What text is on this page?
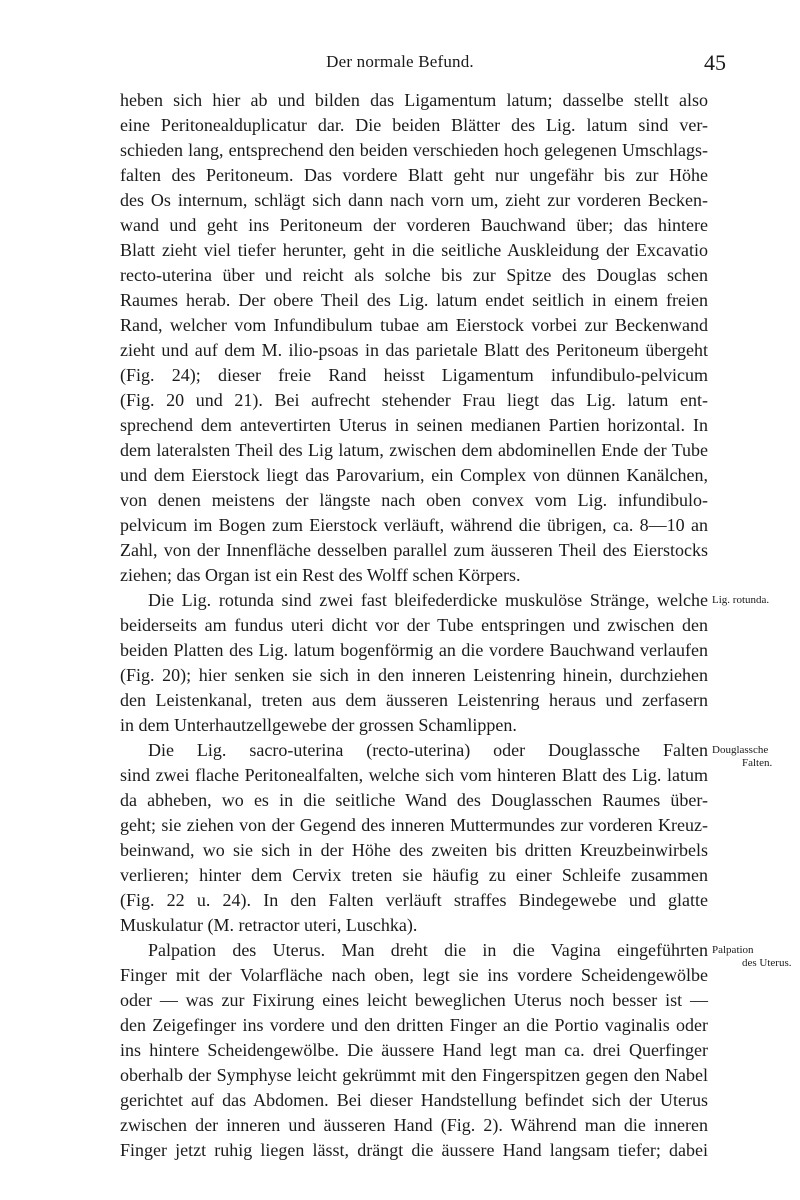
Der normale Befund.	45
heben sich hier ab und bilden das Ligamentum latum; dasselbe stellt also
eine Peritonealduplicatur dar. Die beiden Blätter des Lig. latum sind ver-
schieden lang, entsprechend den beiden verschieden hoch gelegenen Umschlags-
falten des Peritoneum. Das vordere Blatt geht nur ungefähr bis zur Höhe
des Os internum, schlägt sich dann nach vorn um, zieht zur vorderen Becken-
wand und geht ins Peritoneum der vorderen Bauchwand über; das hintere
Blatt zieht viel tiefer herunter, geht in die seitliche Auskleidung der Excavatio
recto-uterina über und reicht als solche bis zur Spitze des Douglas schen
Raumes herab. Der obere Theil des Lig. latum endet seitlich in einem freien
Rand, welcher vom Infundibulum tubae am Eierstock vorbei zur Beckenwand
zieht und auf dem M. ilio-psoas in das parietale Blatt des Peritoneum übergeht
(Fig. 24); dieser freie Rand heisst Ligamentum infundibulo-pelvicum
(Fig. 20 und 21). Bei aufrecht stehender Frau liegt das Lig. latum ent-
sprechend dem antevertirten Uterus in seinen medianen Partien horizontal. In
dem lateralsten Theil des Lig latum, zwischen dem abdominellen Ende der Tube
und dem Eierstock liegt das Parovarium, ein Complex von dünnen Kanälchen,
von denen meistens der längste nach oben convex vom Lig. infundibulo-
pelvicum im Bogen zum Eierstock verläuft, während die übrigen, ca. 8—10 an
Zahl, von der Innenfläche desselben parallel zum äusseren Theil des Eierstocks
ziehen; das Organ ist ein Rest des Wolff schen Körpers.
Die Lig. rotunda sind zwei fast bleifederdicke muskulöse Stränge, welche
beiderseits am fundus uteri dicht vor der Tube entspringen und zwischen den
beiden Platten des Lig. latum bogenförmig an die vordere Bauchwand verlaufen
(Fig. 20); hier senken sie sich in den inneren Leistenring hinein, durchziehen
den Leistenkanal, treten aus dem äusseren Leistenring heraus und zerfasern
in dem Unterhautzellgewebe der grossen Schamlippen.
Die Lig. sacro-uterina (recto-uterina) oder Douglassche Falten
sind zwei flache Peritonealfalten, welche sich vom hinteren Blatt des Lig. latum
da abheben, wo es in die seitliche Wand des Douglasschen Raumes über-
geht; sie ziehen von der Gegend des inneren Muttermundes zur vorderen Kreuz-
beinwand, wo sie sich in der Höhe des zweiten bis dritten Kreuzbeinwirbels
verlieren; hinter dem Cervix treten sie häufig zu einer Schleife zusammen
(Fig. 22 u. 24). In den Falten verläuft straffes Bindegewebe und glatte
Muskulatur (M. retractor uteri, Luschka).
Palpation des Uterus. Man dreht die in die Vagina eingeführten
Finger mit der Volarfläche nach oben, legt sie ins vordere Scheidengewölbe
oder — was zur Fixirung eines leicht beweglichen Uterus noch besser ist —
den Zeigefinger ins vordere und den dritten Finger an die Portio vaginalis oder
ins hintere Scheidengewölbe. Die äussere Hand legt man ca. drei Querfinger
oberhalb der Symphyse leicht gekrümmt mit den Fingerspitzen gegen den Nabel
gerichtet auf das Abdomen. Bei dieser Handstellung befindet sich der Uterus
zwischen der inneren und äusseren Hand (Fig. 2). Während man die inneren
Finger jetzt ruhig liegen lässt, drängt die äussere Hand langsam tiefer; dabei
Lig. rotunda.
Douglassche
Falten.
Palpation
des Uterus.
